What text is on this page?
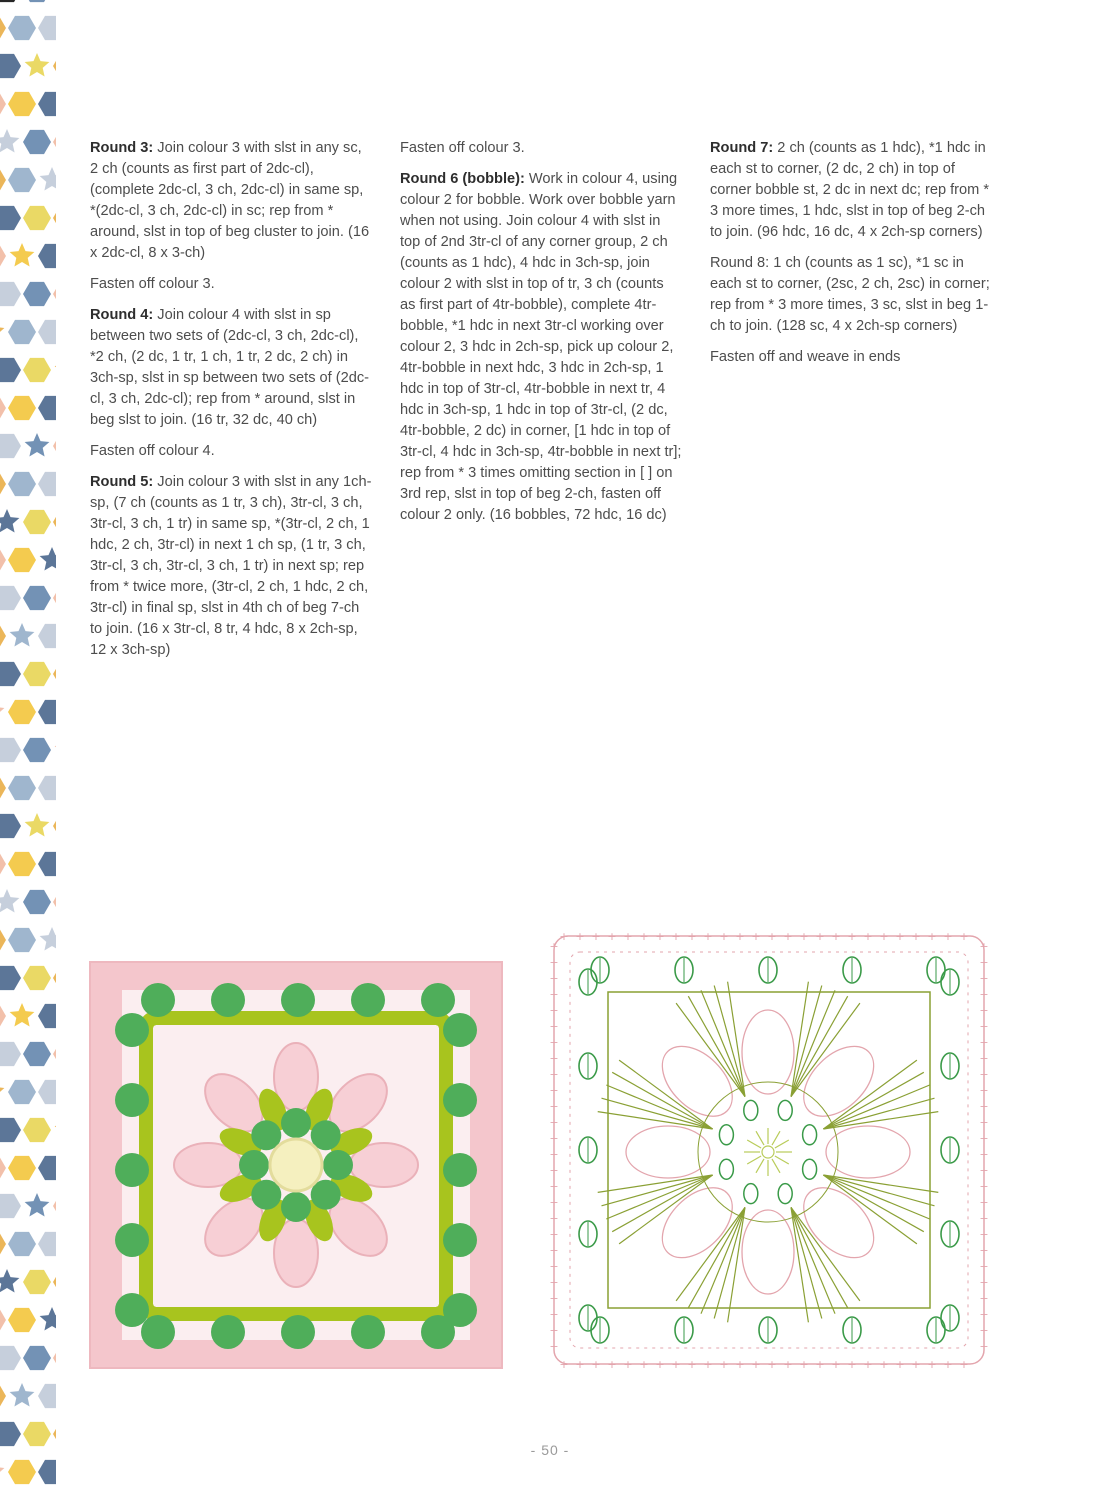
Round 3: Join colour 3 with slst in any sc, 2 ch (counts as first part of 2dc-cl), (complete 2dc-cl, 3 ch, 2dc-cl) in same sp, *(2dc-cl, 3 ch, 2dc-cl) in sc; rep from * around, slst in top of beg cluster to join. (16 x 2dc-cl, 8 x 3-ch)

Fasten off colour 3.

Round 4: Join colour 4 with slst in sp between two sets of (2dc-cl, 3 ch, 2dc-cl), *2 ch, (2 dc, 1 tr, 1 ch, 1 tr, 2 dc, 2 ch) in 3ch-sp, slst in sp between two sets of (2dc-cl, 3 ch, 2dc-cl); rep from * around, slst in beg slst to join. (16 tr, 32 dc, 40 ch)

Fasten off colour 4.

Round 5: Join colour 3 with slst in any 1ch-sp, (7 ch (counts as 1 tr, 3 ch), 3tr-cl, 3 ch, 3tr-cl, 3 ch, 1 tr) in same sp, *(3tr-cl, 2 ch, 1 hdc, 2 ch, 3tr-cl) in next 1 ch sp, (1 tr, 3 ch, 3tr-cl, 3 ch, 3tr-cl, 3 ch, 1 tr) in next sp; rep from * twice more, (3tr-cl, 2 ch, 1 hdc, 2 ch, 3tr-cl) in final sp, slst in 4th ch of beg 7-ch to join. (16 x 3tr-cl, 8 tr, 4 hdc, 8 x 2ch-sp, 12 x 3ch-sp)

Fasten off colour 3.

Round 6 (bobble): Work in colour 4, using colour 2 for bobble. Work over bobble yarn when not using. Join colour 4 with slst in top of 2nd 3tr-cl of any corner group, 2 ch (counts as 1 hdc), 4 hdc in 3ch-sp, join colour 2 with slst in top of tr, 3 ch (counts as first part of 4tr-bobble), complete 4tr-bobble, *1 hdc in next 3tr-cl working over colour 2, 3 hdc in 2ch-sp, pick up colour 2, 4tr-bobble in next hdc, 3 hdc in 2ch-sp, 1 hdc in top of 3tr-cl, 4tr-bobble in next tr, 4 hdc in 3ch-sp, 1 hdc in top of 3tr-cl, (2 dc, 4tr-bobble, 2 dc) in corner, [1 hdc in top of 3tr-cl, 4 hdc in 3ch-sp, 4tr-bobble in next tr]; rep from * 3 times omitting section in [ ] on 3rd rep, slst in top of beg 2-ch, fasten off colour 2 only. (16 bobbles, 72 hdc, 16 dc)

Round 7: 2 ch (counts as 1 hdc), *1 hdc in each st to corner, (2 dc, 2 ch) in top of corner bobble st, 2 dc in next dc; rep from * 3 more times, 1 hdc, slst in top of beg 2-ch to join. (96 hdc, 16 dc, 4 x 2ch-sp corners)

Round 8: 1 ch (counts as 1 sc), *1 sc in each st to corner, (2sc, 2 ch, 2sc) in corner; rep from * 3 more times, 3 sc, slst in beg 1-ch to join. (128 sc, 4 x 2ch-sp corners)

Fasten off and weave in ends

+
+
+	+
+
+
+	+
+
+
+	+
+
+
+	+
+
+
+	+
+
+
+	+
+
+
+	+
+
+
+	+
+
+
+	+
+
+
+	+
+
+
+	+
+
+
+	+
+
+
+	+
+
+
+	+
+
+
+	+
+
+
+	+
+
+
+	+
+
+
+	+
+
+
+	+
+
+
+	+
+
+
+	+
+
+
+	+
+
+
+	+
+
+
+	+
+
+
+	+
+
+
+	+
- 50 -
